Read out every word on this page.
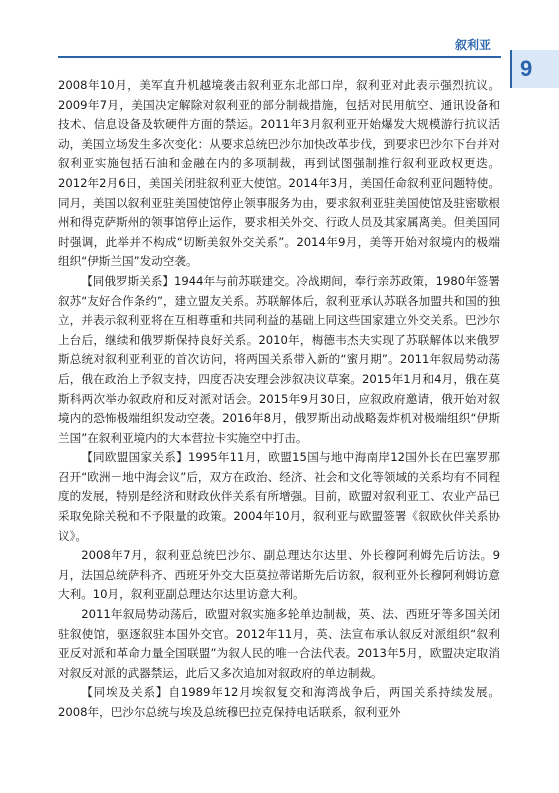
叙利亚
9

2008年10月，美军直升机越境袭击叙利亚东北部口岸，叙利亚对此表示强烈抗议。2009年7月，美国决定解除对叙利亚的部分制裁措施，包括对民用航空、通讯设备和技术、信息设备及软硬件方面的禁运。2011年3月叙利亚开始爆发大规模游行抗议活动，美国立场发生多次变化：从要求总统巴沙尔加快改革步伐，到要求巴沙尔下台并对叙利亚实施包括石油和金融在内的多项制裁，再到试图强制推行叙利亚政权更迭。2012年2月6日，美国关闭驻叙利亚大使馆。2014年3月，美国任命叙利亚问题特使。同月，美国以叙利亚驻美国使馆停止领事服务为由，要求叙利亚驻美国使馆及驻密歇根州和得克萨斯州的领事馆停止运作，要求相关外交、行政人员及其家属离美。但美国同时强调，此举并不构成“切断美叙外交关系”。2014年9月，美等开始对叙境内的极端组织“伊斯兰国”发动空袭。

【同俄罗斯关系】1944年与前苏联建交。冷战期间，奉行亲苏政策，1980年签署叙苏“友好合作条约”，建立盟友关系。苏联解体后，叙利亚承认苏联各加盟共和国的独立，并表示叙利亚将在互相尊重和共同利益的基础上同这些国家建立外交关系。巴沙尔上台后，继续和俄罗斯保持良好关系。2010年，梅德韦杰夫实现了苏联解体以来俄罗斯总统对叙利亚利亚的首次访问，将两国关系带入新的“蜜月期”。2011年叙局势动荡后，俄在政治上予叙支持，四度否决安理会涉叙决议草案。2015年1月和4月，俄在莫斯科两次举办叙政府和反对派对话会。2015年9月30日，应叙政府邀请，俄开始对叙境内的恐怖极端组织发动空袭。2016年8月，俄罗斯出动战略轰炸机对极端组织“伊斯兰国”在叙利亚境内的大本营拉卡实施空中打击。

【同欧盟国家关系】1995年11月，欧盟15国与地中海南岸12国外长在巴塞罗那召开“欧洲－地中海会议”后，双方在政治、经济、社会和文化等领域的关系均有不同程度的发展，特别是经济和财政伙伴关系有所增强。目前，欧盟对叙利亚工、农业产品已采取免除关税和不予限量的政策。2004年10月，叙利亚与欧盟签署《叙欧伙伴关系协议》。

2008年7月，叙利亚总统巴沙尔、副总理达尔达里、外长穆阿利姆先后访法。9月，法国总统萨科齐、西班牙外交大臣莫拉蒂诺斯先后访叙，叙利亚外长穆阿利姆访意大利。10月，叙利亚副总理达尔达里访意大利。

2011年叙局势动荡后，欧盟对叙实施多轮单边制裁，英、法、西班牙等多国关闭驻叙使馆，驱逐叙驻本国外交官。2012年11月，英、法宣布承认叙反对派组织“叙利亚反对派和革命力量全国联盟”为叙人民的唯一合法代表。2013年5月，欧盟决定取消对叙反对派的武器禁运，此后又多次追加对叙政府的单边制裁。

【同埃及关系】自1989年12月埃叙复交和海湾战争后，两国关系持续发展。2008年，巴沙尔总统与埃及总统穆巴拉克保持电话联系，叙利亚外
